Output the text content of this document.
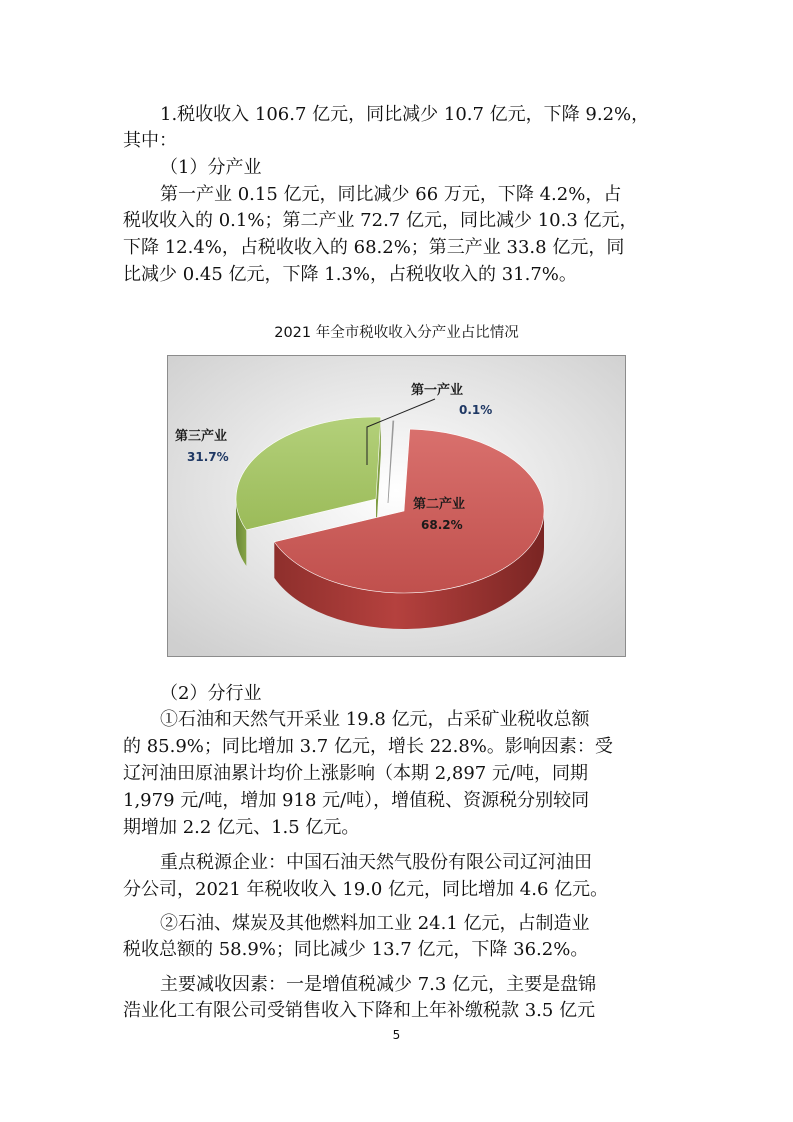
1.税收收入 106.7 亿元，同比减少 10.7 亿元，下降 9.2%，
其中：
（1）分产业
第一产业 0.15 亿元，同比减少 66 万元，下降 4.2%，占
税收收入的 0.1%；第二产业 72.7 亿元，同比减少 10.3 亿元，
下降 12.4%，占税收收入的 68.2%；第三产业 33.8 亿元，同
比减少 0.45 亿元，下降 1.3%，占税收收入的 31.7%。
2021 年全市税收收入分产业占比情况
第一产业
0.1%
第二产业
68.2%
第三产业
31.7%
（2）分行业
①石油和天然气开采业 19.8 亿元，占采矿业税收总额
的 85.9%；同比增加 3.7 亿元，增长 22.8%。影响因素：受
辽河油田原油累计均价上涨影响（本期 2,897 元/吨，同期
1,979 元/吨，增加 918 元/吨），增值税、资源税分别较同
期增加 2.2 亿元、1.5 亿元。
重点税源企业：中国石油天然气股份有限公司辽河油田
分公司，2021 年税收收入 19.0 亿元，同比增加 4.6 亿元。
②石油、煤炭及其他燃料加工业 24.1 亿元，占制造业
税收总额的 58.9%；同比减少 13.7 亿元，下降 36.2%。
主要减收因素：一是增值税减少 7.3 亿元，主要是盘锦
浩业化工有限公司受销售收入下降和上年补缴税款 3.5 亿元
5
